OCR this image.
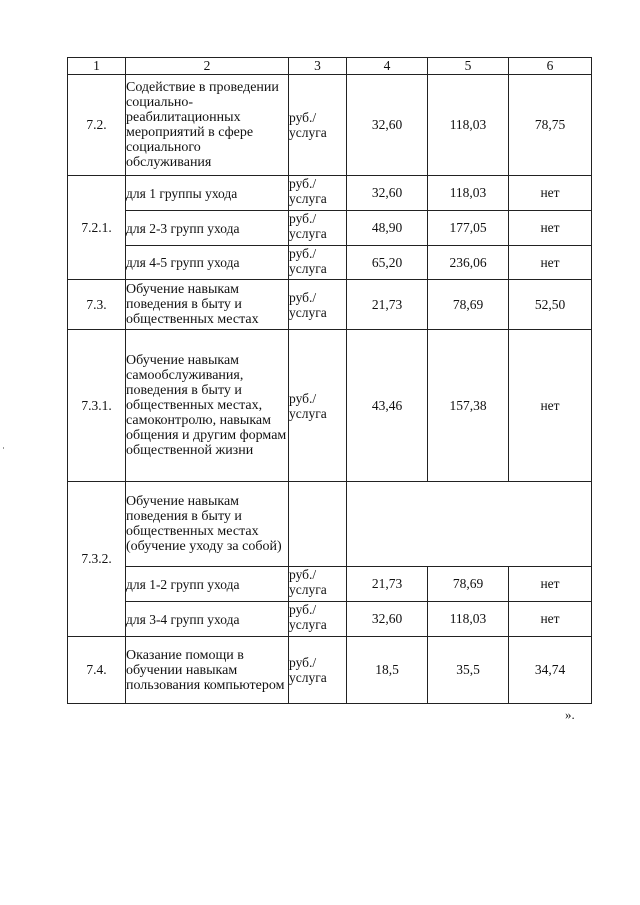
1	2	3	4	5	6
7.2.	Содействие в проведении социально-реабилитационных мероприятий в сфере социального обслуживания	руб./ услуга	32,60	118,03	78,75
7.2.1.	для 1 группы ухода	руб./ услуга	32,60	118,03	нет
	для 2-3 групп ухода	руб./ услуга	48,90	177,05	нет
	для 4-5 групп ухода	руб./ услуга	65,20	236,06	нет
7.3.	Обучение навыкам поведения в быту и общественных местах	руб./ услуга	21,73	78,69	52,50
7.3.1.	Обучение навыкам самообслуживания, поведения в быту и общественных местах, самоконтролю, навыкам общения и другим формам общественной жизни	руб./ услуга	43,46	157,38	нет
7.3.2.	Обучение навыкам поведения в быту и общественных местах (обучение уходу за собой)				
	для 1-2 групп ухода	руб./ услуга	21,73	78,69	нет
	для 3-4 групп ухода	руб./ услуга	32,60	118,03	нет
7.4.	Оказание помощи в обучении навыкам пользования компьютером	руб./ услуга	18,5	35,5	34,74
».
